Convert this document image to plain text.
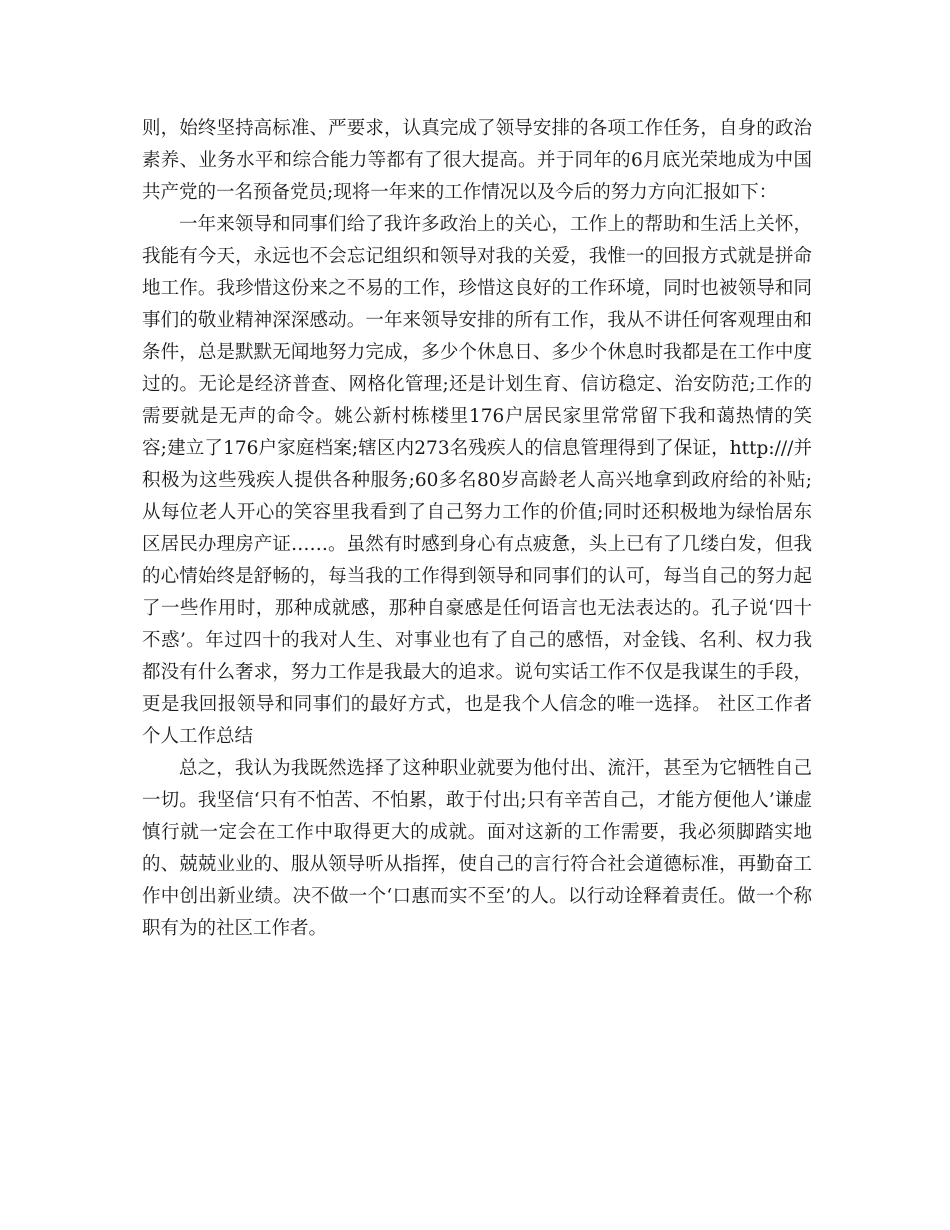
则，始终坚持高标准、严要求，认真完成了领导安排的各项工作任务，自身的政治素养、业务水平和综合能力等都有了很大提高。并于同年的6月底光荣地成为中国共产党的一名预备党员;现将一年来的工作情况以及今后的努力方向汇报如下：

一年来领导和同事们给了我许多政治上的关心，工作上的帮助和生活上关怀，我能有今天，永远也不会忘记组织和领导对我的关爱，我惟一的回报方式就是拼命地工作。我珍惜这份来之不易的工作，珍惜这良好的工作环境，同时也被领导和同事们的敬业精神深深感动。一年来领导安排的所有工作，我从不讲任何客观理由和条件，总是默默无闻地努力完成，多少个休息日、多少个休息时我都是在工作中度过的。无论是经济普查、网格化管理;还是计划生育、信访稳定、治安防范;工作的需要就是无声的命令。姚公新村栋楼里176户居民家里常常留下我和蔼热情的笑容;建立了176户家庭档案;辖区内273名残疾人的信息管理得到了保证，http:///并积极为这些残疾人提供各种服务;60多名80岁高龄老人高兴地拿到政府给的补贴;从每位老人开心的笑容里我看到了自己努力工作的价值;同时还积极地为绿怡居东区居民办理房产证……。虽然有时感到身心有点疲惫，头上已有了几缕白发，但我的心情始终是舒畅的，每当我的工作得到领导和同事们的认可，每当自己的努力起了一些作用时，那种成就感，那种自豪感是任何语言也无法表达的。孔子说‘四十不惑’。年过四十的我对人生、对事业也有了自己的感悟，对金钱、名利、权力我都没有什么奢求，努力工作是我最大的追求。说句实话工作不仅是我谋生的手段，更是我回报领导和同事们的最好方式，也是我个人信念的唯一选择。 社区工作者个人工作总结

总之，我认为我既然选择了这种职业就要为他付出、流汗，甚至为它牺牲自己一切。我坚信‘只有不怕苦、不怕累，敢于付出;只有辛苦自己，才能方便他人’谦虚慎行就一定会在工作中取得更大的成就。面对这新的工作需要，我必须脚踏实地的、兢兢业业的、服从领导听从指挥，使自己的言行符合社会道德标准，再勤奋工作中创出新业绩。决不做一个‘口惠而实不至’的人。以行动诠释着责任。做一个称职有为的社区工作者。
